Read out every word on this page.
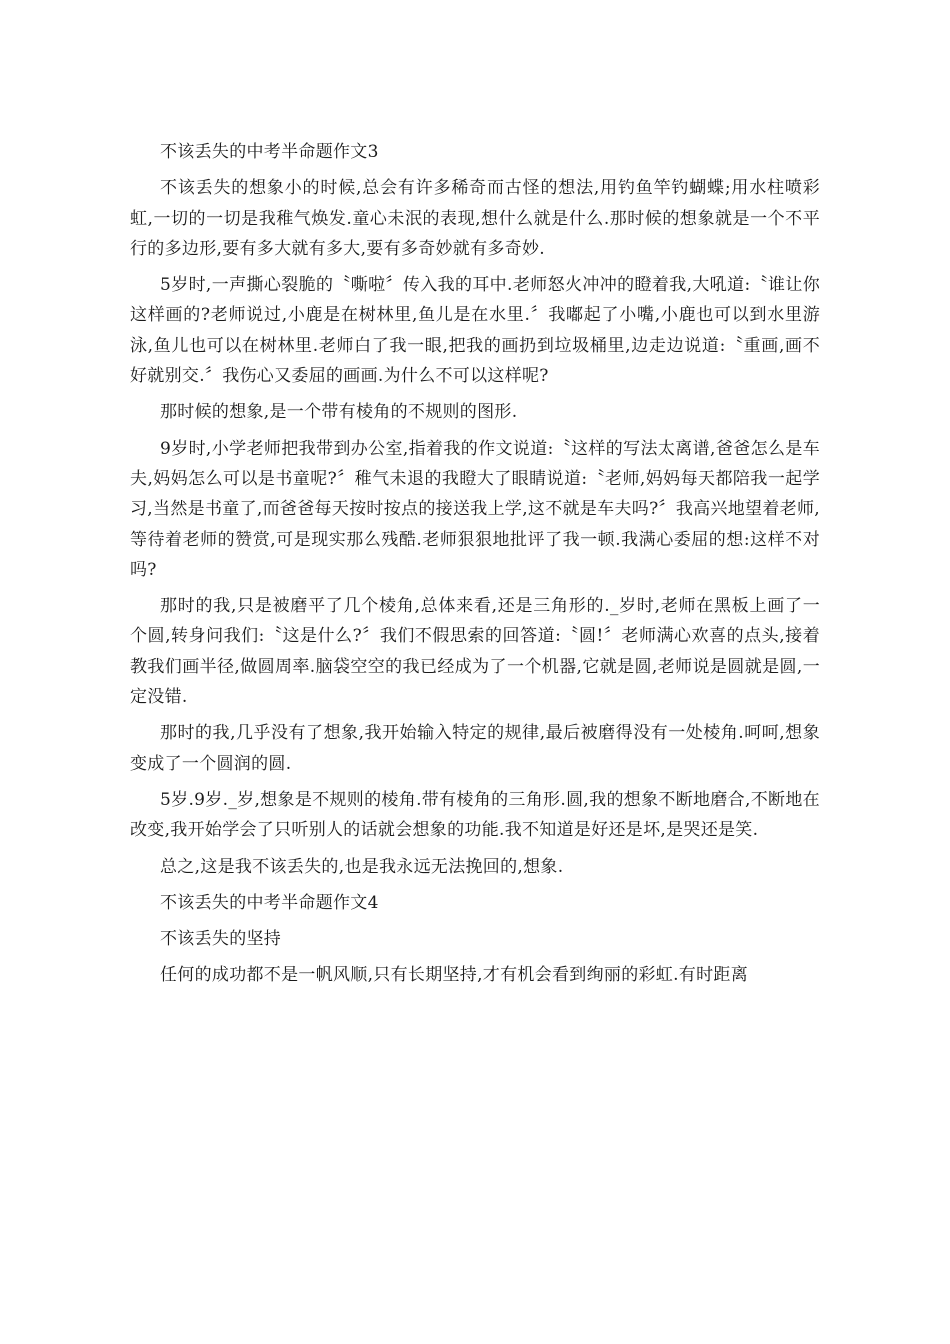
不该丢失的中考半命题作文3

不该丢失的想象小的时候,总会有许多稀奇而古怪的想法,用钓鱼竿钓蝴蝶;用水柱喷彩虹,一切的一切是我稚气焕发.童心未泯的表现,想什么就是什么.那时候的想象就是一个不平行的多边形,要有多大就有多大,要有多奇妙就有多奇妙.

5岁时,一声撕心裂脆的〝嘶啦〞传入我的耳中.老师怒火冲冲的瞪着我,大吼道:〝谁让你这样画的?老师说过,小鹿是在树林里,鱼儿是在水里.〞我嘟起了小嘴,小鹿也可以到水里游泳,鱼儿也可以在树林里.老师白了我一眼,把我的画扔到垃圾桶里,边走边说道:〝重画,画不好就别交.〞我伤心又委屈的画画.为什么不可以这样呢?

那时候的想象,是一个带有棱角的不规则的图形.

9岁时,小学老师把我带到办公室,指着我的作文说道:〝这样的写法太离谱,爸爸怎么是车夫,妈妈怎么可以是书童呢?〞稚气未退的我瞪大了眼睛说道:〝老师,妈妈每天都陪我一起学习,当然是书童了,而爸爸每天按时按点的接送我上学,这不就是车夫吗?〞我高兴地望着老师,等待着老师的赞赏,可是现实那么残酷.老师狠狠地批评了我一顿.我满心委屈的想:这样不对吗?

那时的我,只是被磨平了几个棱角,总体来看,还是三角形的._岁时,老师在黑板上画了一个圆,转身问我们:〝这是什么?〞我们不假思索的回答道:〝圆!〞老师满心欢喜的点头,接着教我们画半径,做圆周率.脑袋空空的我已经成为了一个机器,它就是圆,老师说是圆就是圆,一定没错.

那时的我,几乎没有了想象,我开始输入特定的规律,最后被磨得没有一处棱角.呵呵,想象变成了一个圆润的圆.

5岁.9岁._岁,想象是不规则的棱角.带有棱角的三角形.圆,我的想象不断地磨合,不断地在改变,我开始学会了只听别人的话就会想象的功能.我不知道是好还是坏,是哭还是笑.

总之,这是我不该丢失的,也是我永远无法挽回的,想象.

不该丢失的中考半命题作文4

不该丢失的坚持

任何的成功都不是一帆风顺,只有长期坚持,才有机会看到绚丽的彩虹.有时距离
